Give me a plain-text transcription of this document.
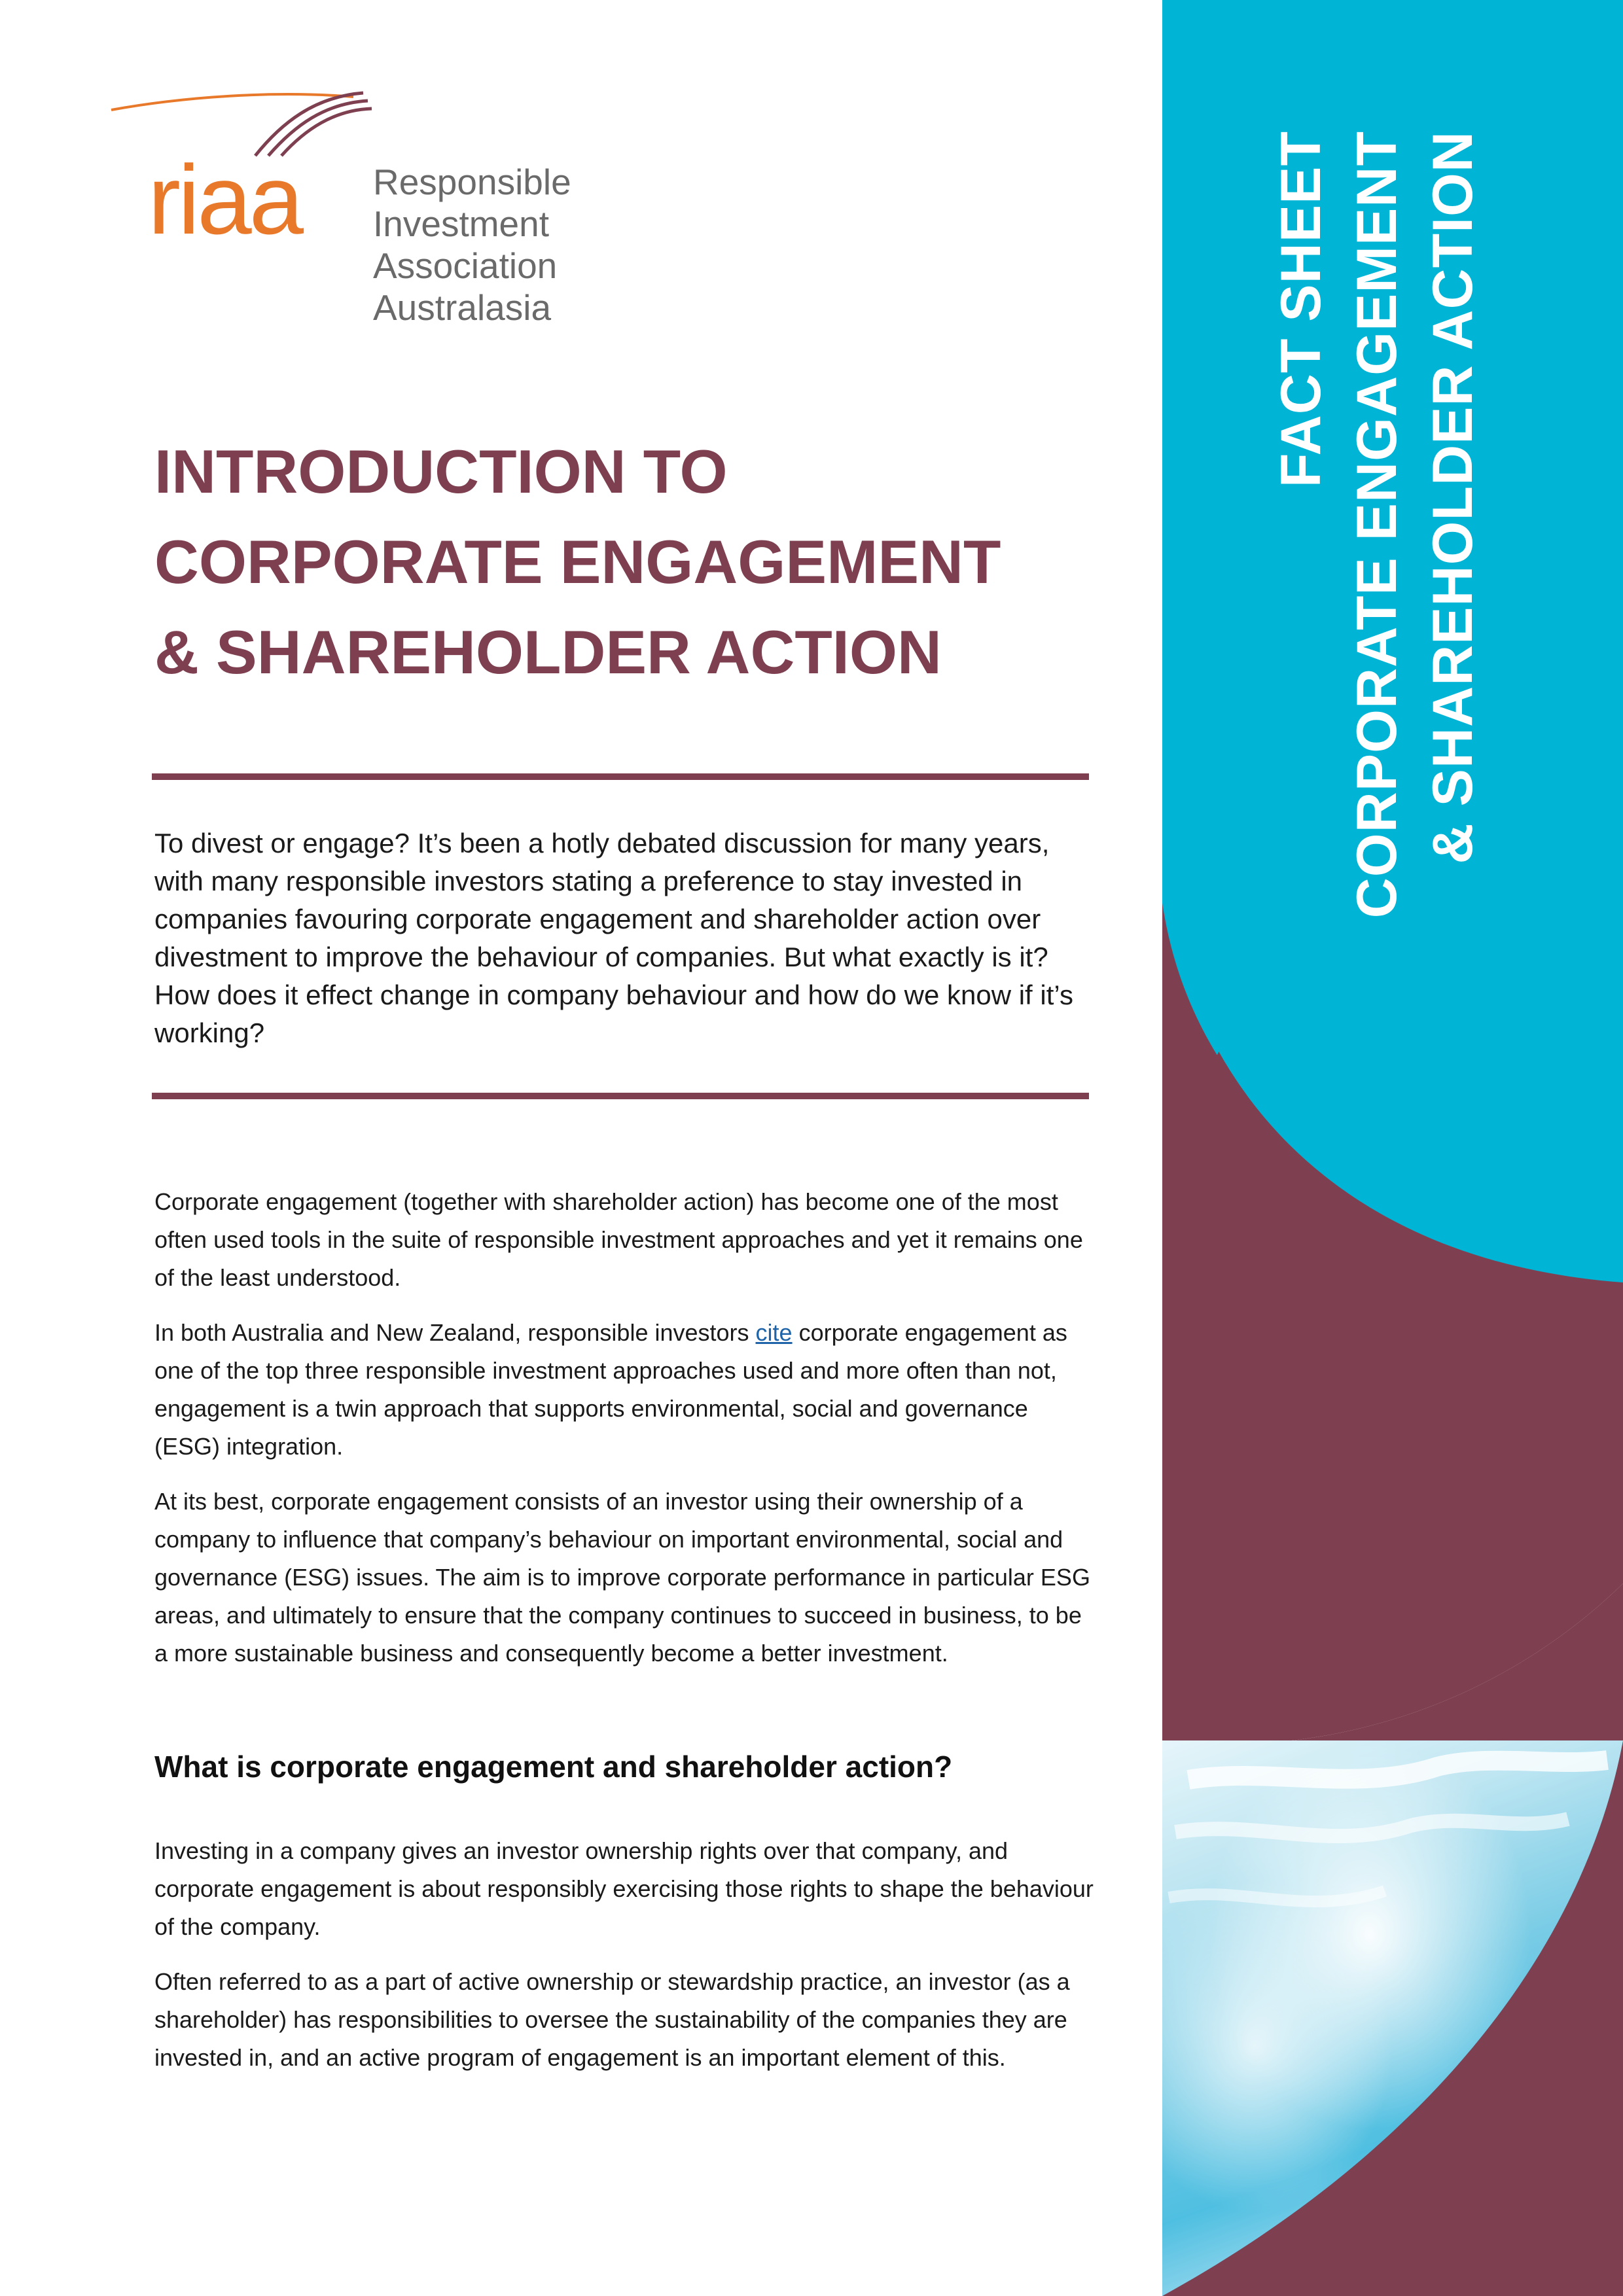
FACT SHEET CORPORATE ENGAGEMENT & SHAREHOLDER ACTION
riaa Responsible Investment
Association Australasia
INTRODUCTION TO
CORPORATE ENGAGEMENT
& SHAREHOLDER ACTION
To divest or engage? It’s been a hotly debated discussion for many years, with many responsible investors stating a preference to stay invested in companies favouring corporate engagement and shareholder action over divestment to improve the behaviour of companies. But what exactly is it? How does it effect change in company behaviour and how do we know if it’s working?

Corporate engagement (together with shareholder action) has become one of the most often used tools in the suite of responsible investment approaches and yet it remains one of the least understood.

In both Australia and New Zealand, responsible investors cite corporate engagement as one of the top three responsible investment approaches used and more often than not, engagement is a twin approach that supports environmental, social and governance (ESG) integration.

At its best, corporate engagement consists of an investor using their ownership of a company to influence that company’s behaviour on important environmental, social and governance (ESG) issues. The aim is to improve corporate performance in particular ESG areas, and ultimately to ensure that the company continues to succeed in business, to be a more sustainable business and consequently become a better investment.

What is corporate engagement and shareholder action?

Investing in a company gives an investor ownership rights over that company, and corporate engagement is about responsibly exercising those rights to shape the behaviour of the company.

Often referred to as a part of active ownership or stewardship practice, an investor (as a shareholder) has responsibilities to oversee the sustainability of the companies they are invested in, and an active program of engagement is an important element of this.
